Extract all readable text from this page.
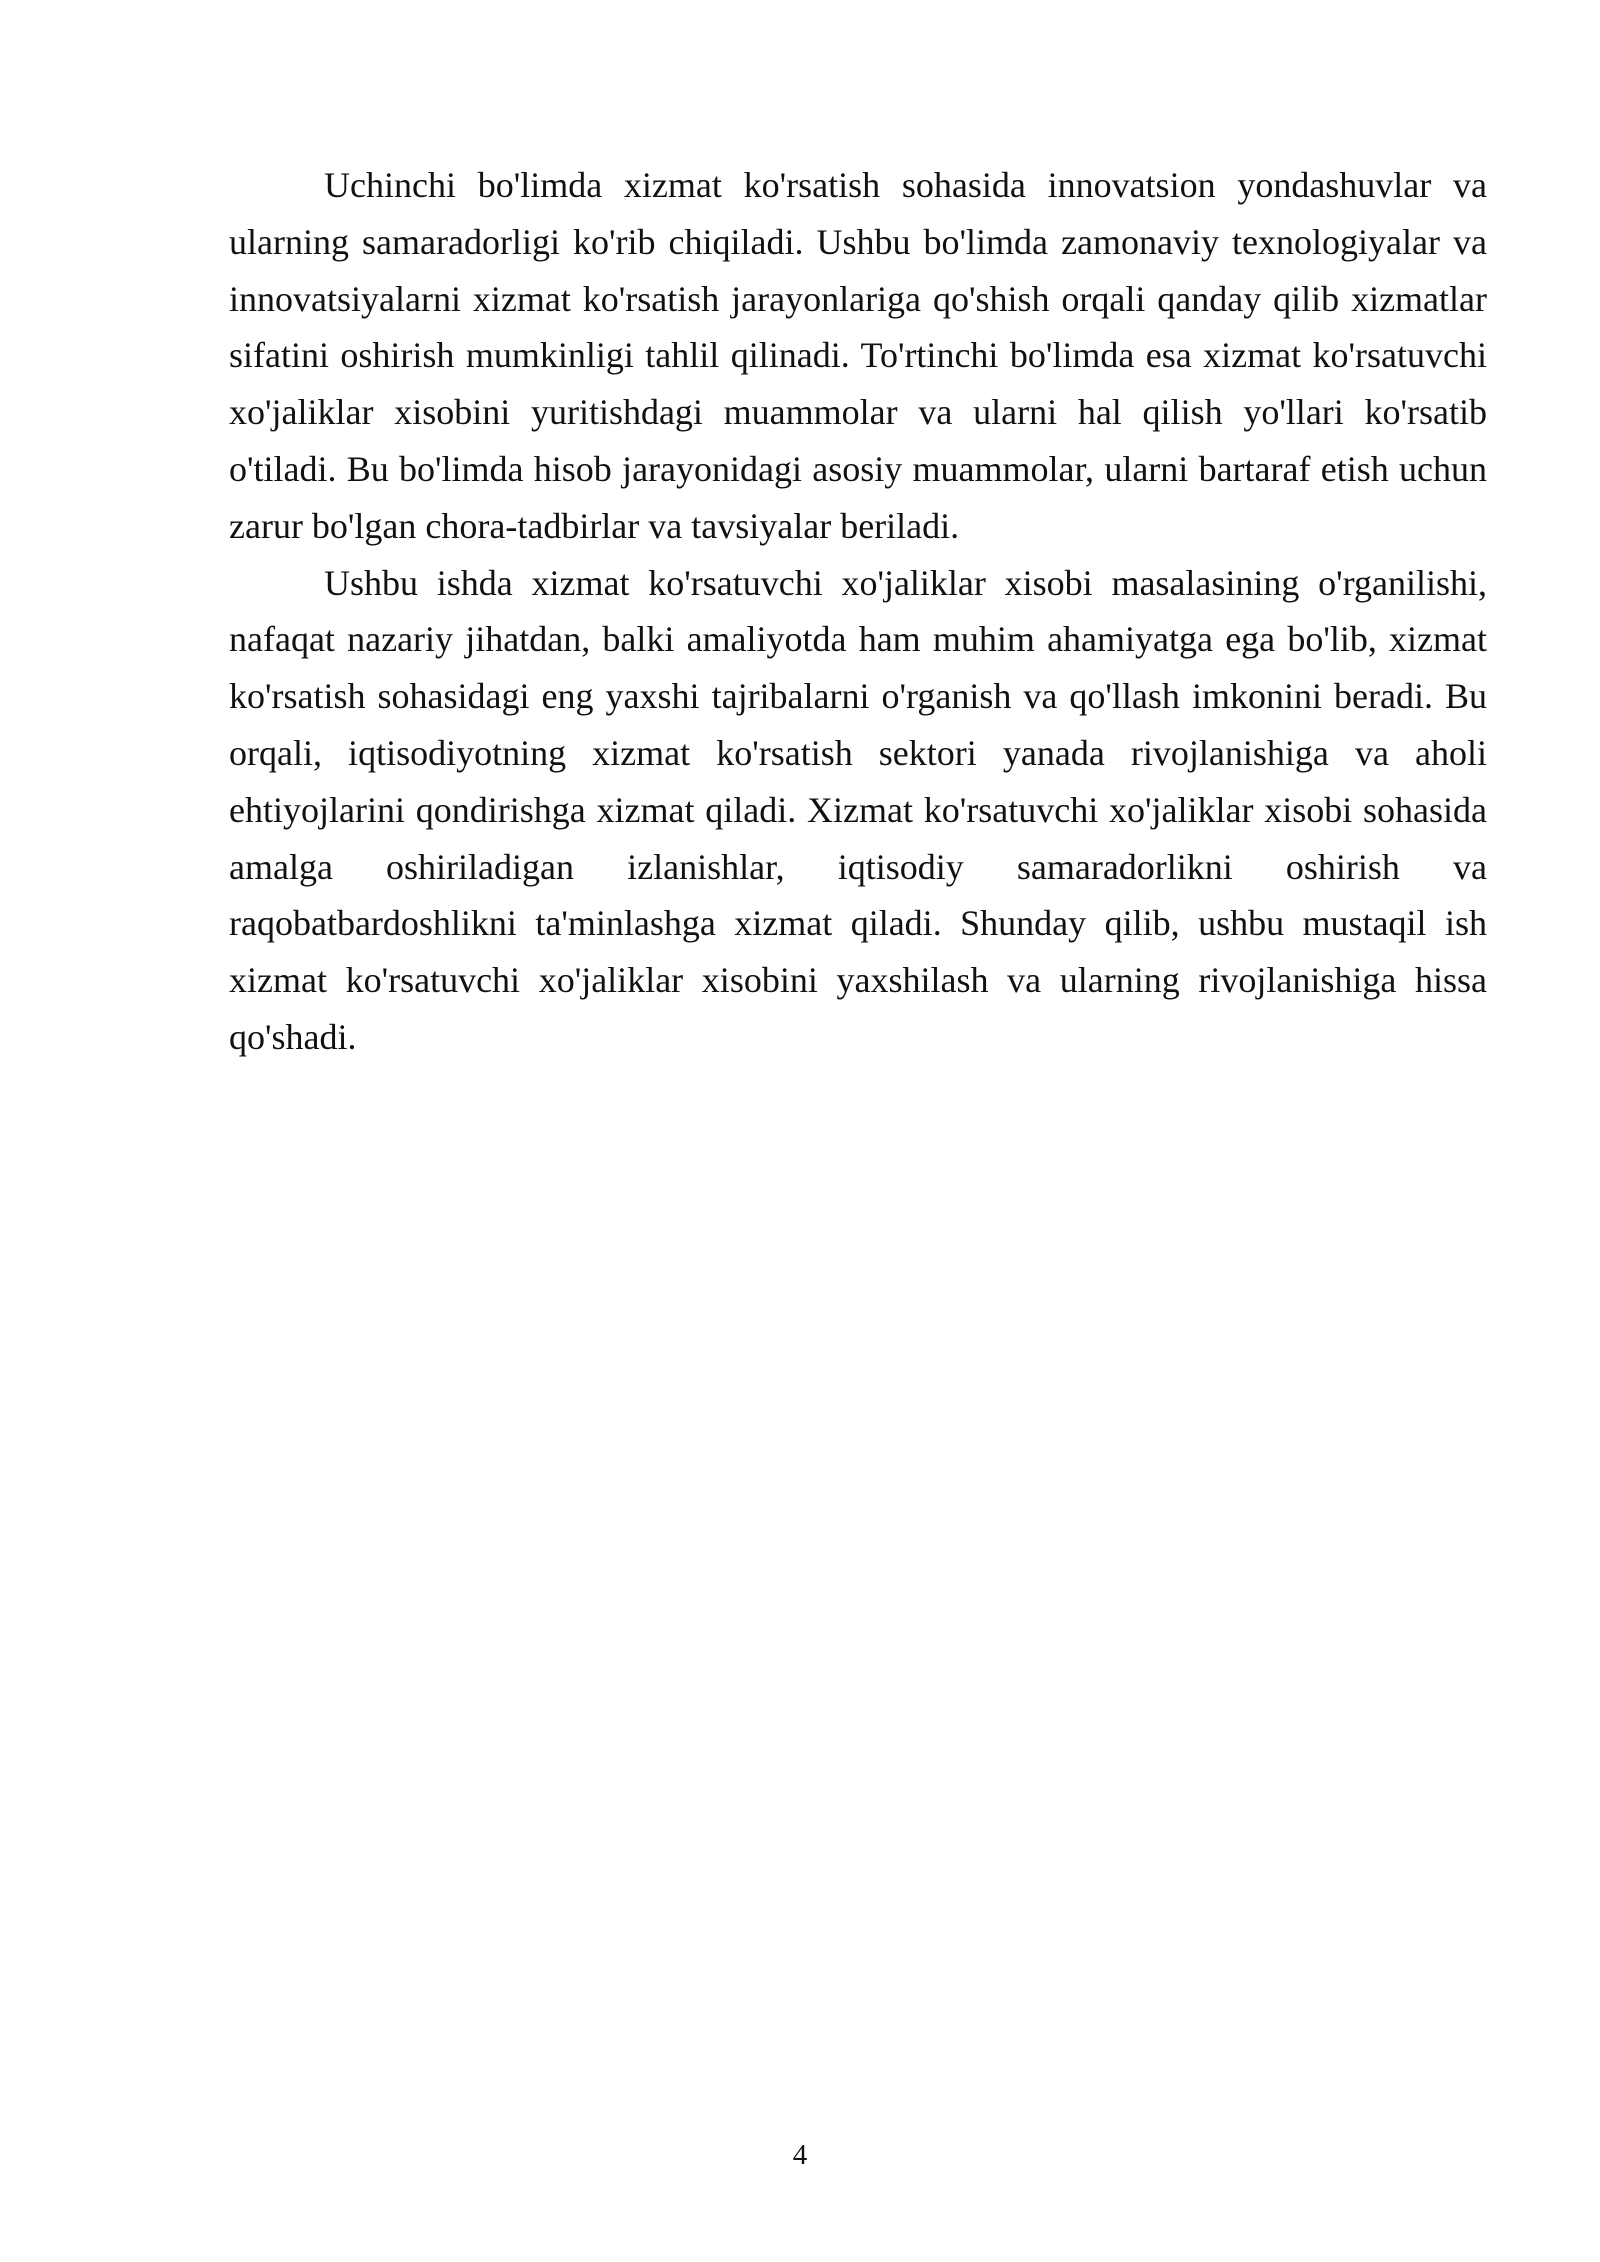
Uchinchi bo'limda xizmat ko'rsatish sohasida innovatsion yondashuvlar va ularning samaradorligi ko'rib chiqiladi. Ushbu bo'limda zamonaviy texnologiyalar va innovatsiyalarni xizmat ko'rsatish jarayonlariga qo'shish orqali qanday qilib xizmatlar sifatini oshirish mumkinligi tahlil qilinadi. To'rtinchi bo'limda esa xizmat ko'rsatuvchi xo'jaliklar xisobini yuritishdagi muammolar va ularni hal qilish yo'llari ko'rsatib o'tiladi. Bu bo'limda hisob jarayonidagi asosiy muammolar, ularni bartaraf etish uchun zarur bo'lgan chora-tadbirlar va tavsiyalar beriladi.

Ushbu ishda xizmat ko'rsatuvchi xo'jaliklar xisobi masalasining o'rganilishi, nafaqat nazariy jihatdan, balki amaliyotda ham muhim ahamiyatga ega bo'lib, xizmat ko'rsatish sohasidagi eng yaxshi tajribalarni o'rganish va qo'llash imkonini beradi. Bu orqali, iqtisodiyotning xizmat ko'rsatish sektori yanada rivojlanishiga va aholi ehtiyojlarini qondirishga xizmat qiladi. Xizmat ko'rsatuvchi xo'jaliklar xisobi sohasida amalga oshiriladigan izlanishlar, iqtisodiy samaradorlikni oshirish va raqobatbardoshlikni ta'minlashga xizmat qiladi. Shunday qilib, ushbu mustaqil ish xizmat ko'rsatuvchi xo'jaliklar xisobini yaxshilash va ularning rivojlanishiga hissa qo'shadi.

4
